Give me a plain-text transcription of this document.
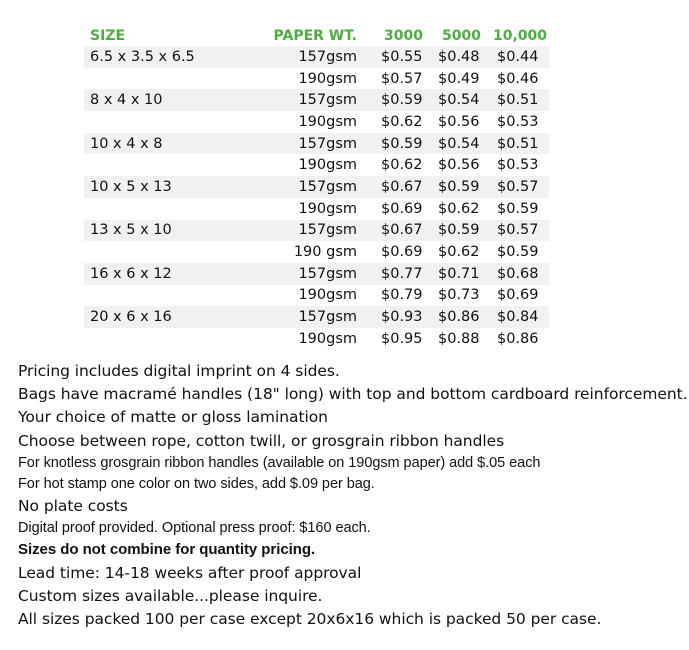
SIZE	PAPER WT. 3000 5000 10,000
6.5 x 3.5 x 6.5	157gsm $0.55 $0.48 $0.44
190gsm $0.57 $0.49 $0.46
8 x 4 x 10	157gsm $0.59 $0.54 $0.51
190gsm $0.62 $0.56 $0.53
10 x 4 x 8	157gsm $0.59 $0.54 $0.51
190gsm $0.62 $0.56 $0.53
10 x 5 x 13	157gsm $0.67 $0.59 $0.57
190gsm $0.69 $0.62 $0.59
13 x 5 x 10	157gsm $0.67 $0.59 $0.57
190 gsm $0.69 $0.62 $0.59
16 x 6 x 12	157gsm $0.77 $0.71 $0.68
190gsm $0.79 $0.73 $0.69
20 x 6 x 16	157gsm $0.93 $0.86 $0.84
190gsm $0.95 $0.88 $0.86
Pricing includes digital imprint on 4 sides.
Bags have macramé handles (18" long) with top and bottom cardboard reinforcement.
Your choice of matte or gloss lamination
Choose between rope, cotton twill, or grosgrain ribbon handles
For knotless grosgrain ribbon handles (available on 190gsm paper) add $.05 each
For hot stamp one color on two sides, add $.09 per bag.
No plate costs
Digital proof provided. Optional press proof: $160 each.
Sizes do not combine for quantity pricing.
Lead time: 14-18 weeks after proof approval
Custom sizes available...please inquire.
All sizes packed 100 per case except 20x6x16 which is packed 50 per case.
